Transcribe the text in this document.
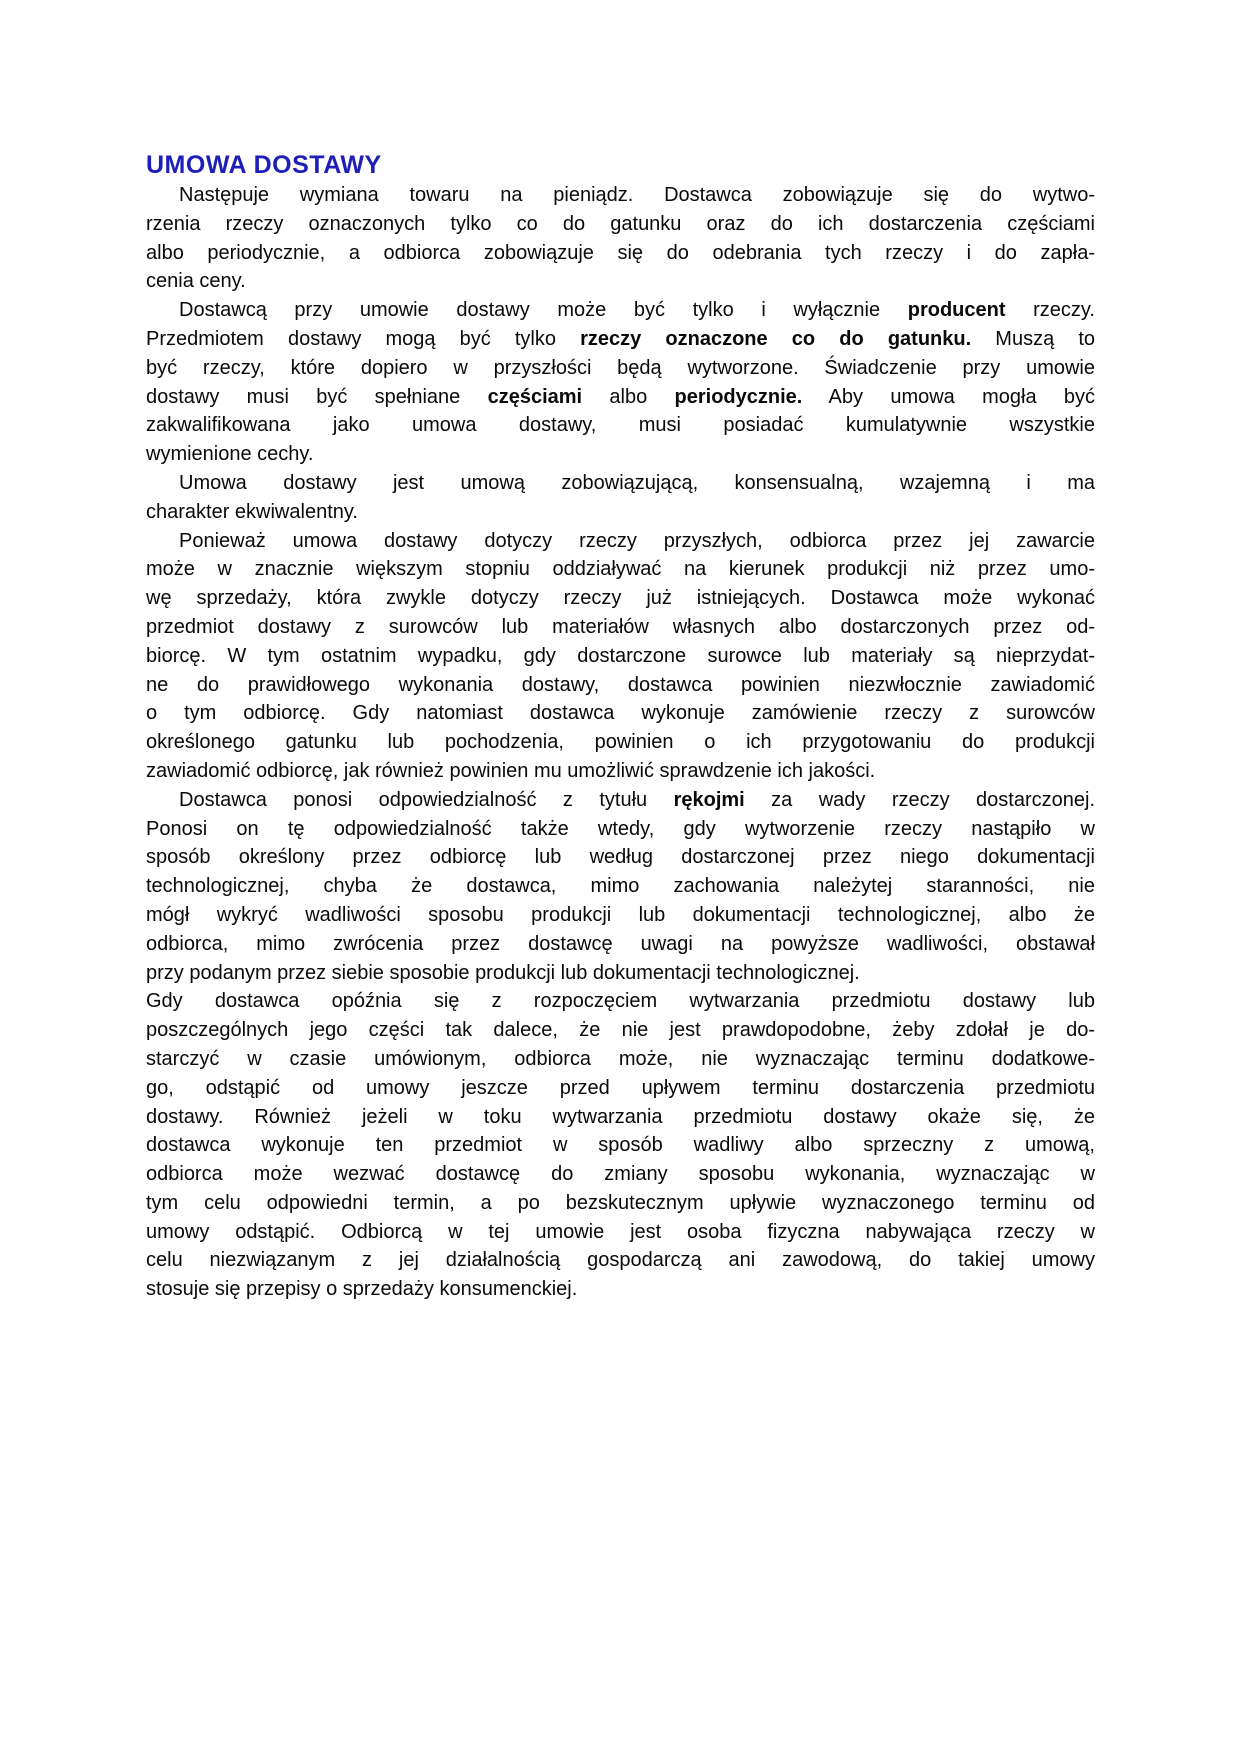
UMOWA DOSTAWY
Następuje wymiana towaru na pieniądz. Dostawca zobowiązuje się do wytwo-
rzenia rzeczy oznaczonych tylko co do gatunku oraz do ich dostarczenia częściami
albo periodycznie, a odbiorca zobowiązuje się do odebrania tych rzeczy i do zapła-
cenia ceny.
Dostawcą przy umowie dostawy może być tylko i wyłącznie producent rzeczy.
Przedmiotem dostawy mogą być tylko rzeczy oznaczone co do gatunku. Muszą to
być rzeczy, które dopiero w przyszłości będą wytworzone. Świadczenie przy umowie
dostawy musi być spełniane częściami albo periodycznie. Aby umowa mogła być
zakwalifikowana jako umowa dostawy, musi posiadać kumulatywnie wszystkie
wymienione cechy.
Umowa dostawy jest umową zobowiązującą, konsensualną, wzajemną i ma
charakter ekwiwalentny.
Ponieważ umowa dostawy dotyczy rzeczy przyszłych, odbiorca przez jej zawarcie
może w znacznie większym stopniu oddziaływać na kierunek produkcji niż przez umo-
wę sprzedaży, która zwykle dotyczy rzeczy już istniejących. Dostawca może wykonać
przedmiot dostawy z surowców lub materiałów własnych albo dostarczonych przez od-
biorcę. W tym ostatnim wypadku, gdy dostarczone surowce lub materiały są nieprzydat-
ne do prawidłowego wykonania dostawy, dostawca powinien niezwłocznie zawiadomić
o tym odbiorcę. Gdy natomiast dostawca wykonuje zamówienie rzeczy z surowców
określonego gatunku lub pochodzenia, powinien o ich przygotowaniu do produkcji
zawiadomić odbiorcę, jak również powinien mu umożliwić sprawdzenie ich jakości.
Dostawca ponosi odpowiedzialność z tytułu rękojmi za wady rzeczy dostarczonej.
Ponosi on tę odpowiedzialność także wtedy, gdy wytworzenie rzeczy nastąpiło w
sposób określony przez odbiorcę lub według dostarczonej przez niego dokumentacji
technologicznej, chyba że dostawca, mimo zachowania należytej staranności, nie
mógł wykryć wadliwości sposobu produkcji lub dokumentacji technologicznej, albo że
odbiorca, mimo zwrócenia przez dostawcę uwagi na powyższe wadliwości, obstawał
przy podanym przez siebie sposobie produkcji lub dokumentacji technologicznej.
Gdy dostawca opóźnia się z rozpoczęciem wytwarzania przedmiotu dostawy lub
poszczególnych jego części tak dalece, że nie jest prawdopodobne, żeby zdołał je do-
starczyć w czasie umówionym, odbiorca może, nie wyznaczając terminu dodatkowe-
go, odstąpić od umowy jeszcze przed upływem terminu dostarczenia przedmiotu
dostawy. Również jeżeli w toku wytwarzania przedmiotu dostawy okaże się, że
dostawca wykonuje ten przedmiot w sposób wadliwy albo sprzeczny z umową,
odbiorca może wezwać dostawcę do zmiany sposobu wykonania, wyznaczając w
tym celu odpowiedni termin, a po bezskutecznym upływie wyznaczonego terminu od
umowy odstąpić. Odbiorcą w tej umowie jest osoba fizyczna nabywająca rzeczy w
celu niezwiązanym z jej działalnością gospodarczą ani zawodową, do takiej umowy
stosuje się przepisy o sprzedaży konsumenckiej.
